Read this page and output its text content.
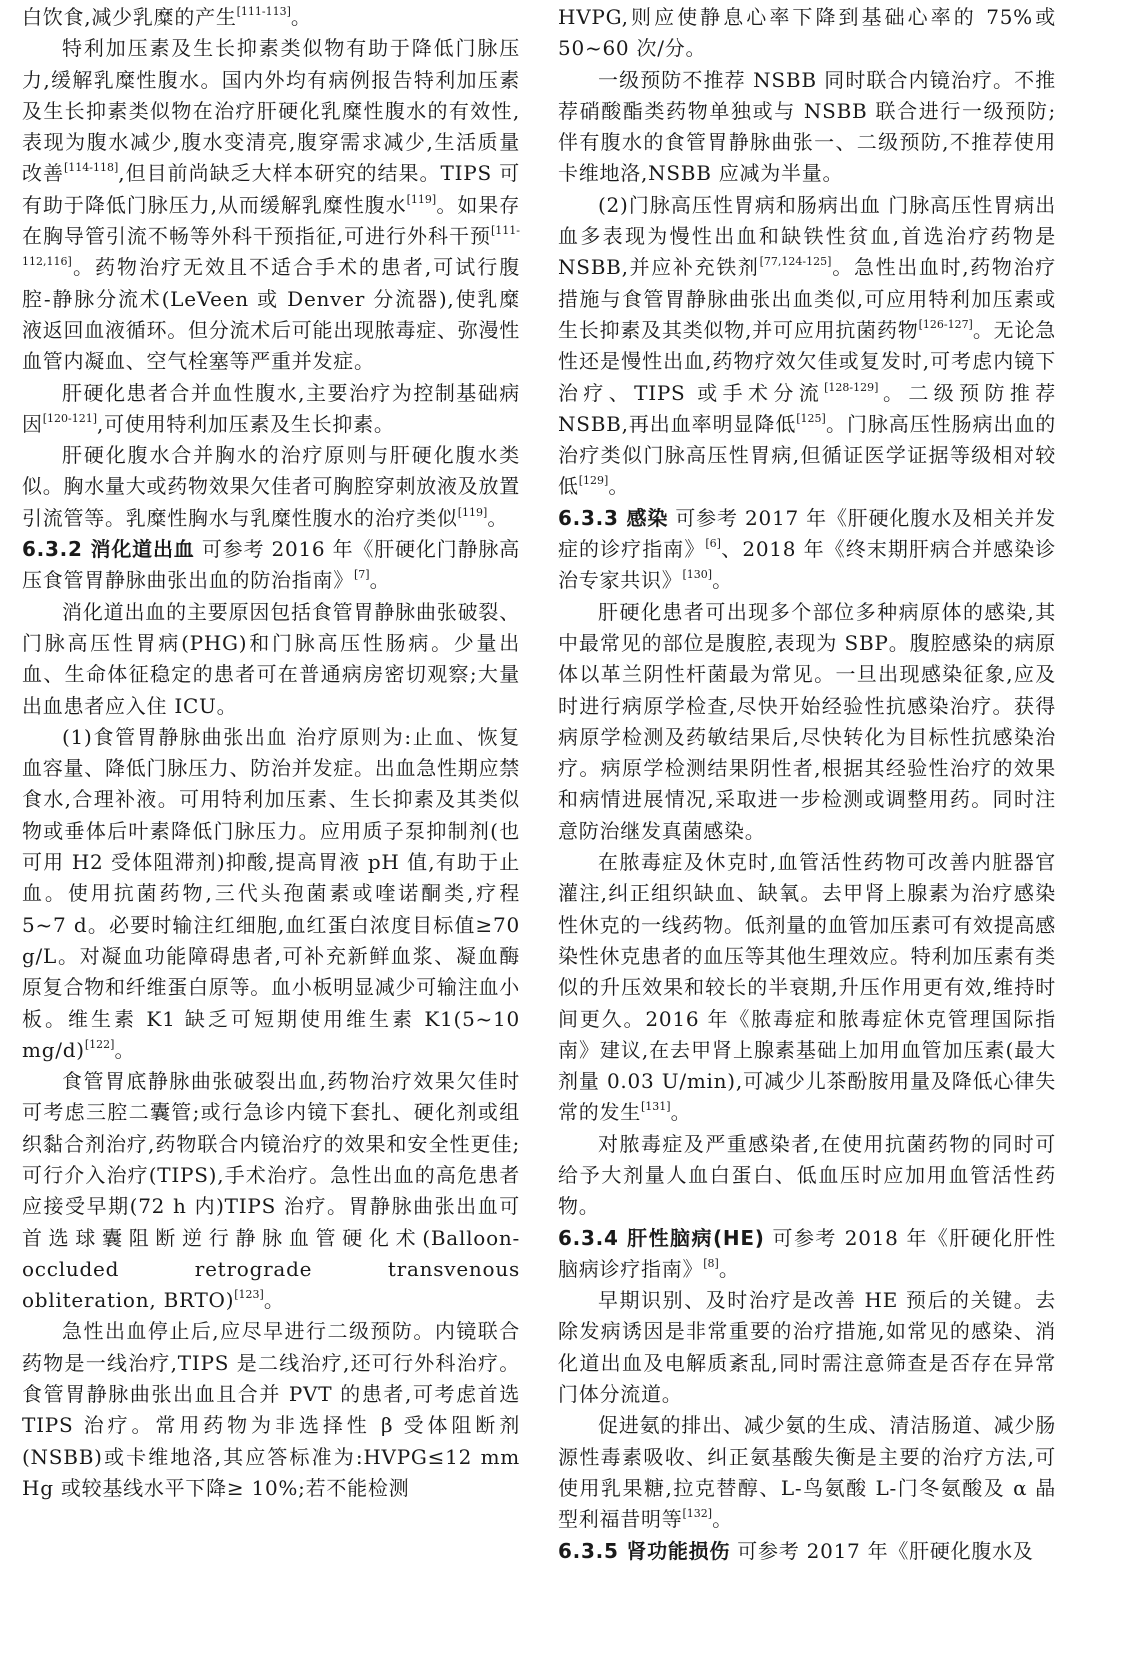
白饮食,减少乳糜的产生[111-113]。

特利加压素及生长抑素类似物有助于降低门脉压力,缓解乳糜性腹水。国内外均有病例报告特利加压素及生长抑素类似物在治疗肝硬化乳糜性腹水的有效性,表现为腹水减少,腹水变清亮,腹穿需求减少,生活质量改善[114-118],但目前尚缺乏大样本研究的结果。TIPS 可有助于降低门脉压力,从而缓解乳糜性腹水[119]。如果存在胸导管引流不畅等外科干预指征,可进行外科干预[111-112,116]。药物治疗无效且不适合手术的患者,可试行腹腔-静脉分流术(LeVeen 或 Denver 分流器),使乳糜液返回血液循环。但分流术后可能出现脓毒症、弥漫性血管内凝血、空气栓塞等严重并发症。

肝硬化患者合并血性腹水,主要治疗为控制基础病因[120-121],可使用特利加压素及生长抑素。

肝硬化腹水合并胸水的治疗原则与肝硬化腹水类似。胸水量大或药物效果欠佳者可胸腔穿刺放液及放置引流管等。乳糜性胸水与乳糜性腹水的治疗类似[119]。

6.3.2 消化道出血 可参考 2016 年《肝硬化门静脉高压食管胃静脉曲张出血的防治指南》[7]。

消化道出血的主要原因包括食管胃静脉曲张破裂、门脉高压性胃病(PHG)和门脉高压性肠病。少量出血、生命体征稳定的患者可在普通病房密切观察;大量出血患者应入住 ICU。

(1)食管胃静脉曲张出血 治疗原则为:止血、恢复血容量、降低门脉压力、防治并发症。出血急性期应禁食水,合理补液。可用特利加压素、生长抑素及其类似物或垂体后叶素降低门脉压力。应用质子泵抑制剂(也可用 H2 受体阻滞剂)抑酸,提高胃液 pH 值,有助于止血。使用抗菌药物,三代头孢菌素或喹诺酮类,疗程 5~7 d。必要时输注红细胞,血红蛋白浓度目标值≥70 g/L。对凝血功能障碍患者,可补充新鲜血浆、凝血酶原复合物和纤维蛋白原等。血小板明显减少可输注血小板。维生素 K1 缺乏可短期使用维生素 K1(5~10 mg/d)[122]。

食管胃底静脉曲张破裂出血,药物治疗效果欠佳时可考虑三腔二囊管;或行急诊内镜下套扎、硬化剂或组织黏合剂治疗,药物联合内镜治疗的效果和安全性更佳;可行介入治疗(TIPS),手术治疗。急性出血的高危患者应接受早期(72 h 内)TIPS 治疗。胃静脉曲张出血可首选球囊阻断逆行静脉血管硬化术(Balloon-occluded retrograde transvenous obliteration, BRTO)[123]。

急性出血停止后,应尽早进行二级预防。内镜联合药物是一线治疗,TIPS 是二线治疗,还可行外科治疗。食管胃静脉曲张出血且合并 PVT 的患者,可考虑首选 TIPS 治疗。常用药物为非选择性 β 受体阻断剂(NSBB)或卡维地洛,其应答标准为:HVPG≤12 mm Hg 或较基线水平下降≥ 10%;若不能检测

HVPG,则应使静息心率下降到基础心率的 75%或 50~60 次/分。

一级预防不推荐 NSBB 同时联合内镜治疗。不推荐硝酸酯类药物单独或与 NSBB 联合进行一级预防;伴有腹水的食管胃静脉曲张一、二级预防,不推荐使用卡维地洛,NSBB 应减为半量。

(2)门脉高压性胃病和肠病出血 门脉高压性胃病出血多表现为慢性出血和缺铁性贫血,首选治疗药物是 NSBB,并应补充铁剂[77,124-125]。急性出血时,药物治疗措施与食管胃静脉曲张出血类似,可应用特利加压素或生长抑素及其类似物,并可应用抗菌药物[126-127]。无论急性还是慢性出血,药物疗效欠佳或复发时,可考虑内镜下治疗、TIPS 或手术分流[128-129]。二级预防推荐 NSBB,再出血率明显降低[125]。门脉高压性肠病出血的治疗类似门脉高压性胃病,但循证医学证据等级相对较低[129]。

6.3.3 感染 可参考 2017 年《肝硬化腹水及相关并发症的诊疗指南》[6]、2018 年《终末期肝病合并感染诊治专家共识》[130]。

肝硬化患者可出现多个部位多种病原体的感染,其中最常见的部位是腹腔,表现为 SBP。腹腔感染的病原体以革兰阴性杆菌最为常见。一旦出现感染征象,应及时进行病原学检查,尽快开始经验性抗感染治疗。获得病原学检测及药敏结果后,尽快转化为目标性抗感染治疗。病原学检测结果阴性者,根据其经验性治疗的效果和病情进展情况,采取进一步检测或调整用药。同时注意防治继发真菌感染。

在脓毒症及休克时,血管活性药物可改善内脏器官灌注,纠正组织缺血、缺氧。去甲肾上腺素为治疗感染性休克的一线药物。低剂量的血管加压素可有效提高感染性休克患者的血压等其他生理效应。特利加压素有类似的升压效果和较长的半衰期,升压作用更有效,维持时间更久。2016 年《脓毒症和脓毒症休克管理国际指南》建议,在去甲肾上腺素基础上加用血管加压素(最大剂量 0.03 U/min),可减少儿茶酚胺用量及降低心律失常的发生[131]。

对脓毒症及严重感染者,在使用抗菌药物的同时可给予大剂量人血白蛋白、低血压时应加用血管活性药物。

6.3.4 肝性脑病(HE) 可参考 2018 年《肝硬化肝性脑病诊疗指南》[8]。

早期识别、及时治疗是改善 HE 预后的关键。去除发病诱因是非常重要的治疗措施,如常见的感染、消化道出血及电解质紊乱,同时需注意筛查是否存在异常门体分流道。

促进氨的排出、减少氨的生成、清洁肠道、减少肠源性毒素吸收、纠正氨基酸失衡是主要的治疗方法,可使用乳果糖,拉克替醇、L-鸟氨酸 L-门冬氨酸及 α 晶型利福昔明等[132]。

6.3.5 肾功能损伤 可参考 2017 年《肝硬化腹水及
